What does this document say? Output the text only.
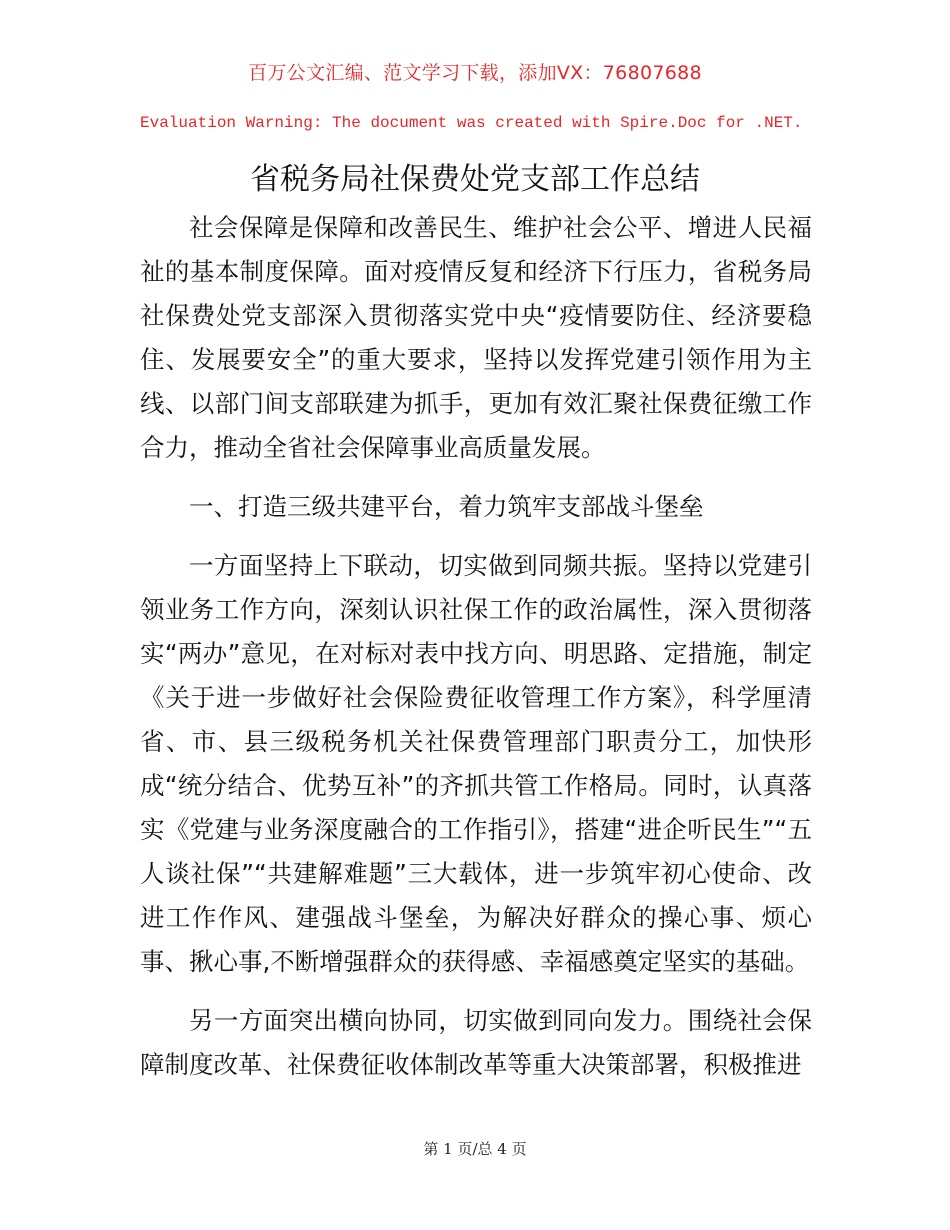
百万公文汇编、范文学习下载，添加VX：76807688
Evaluation Warning: The document was created with Spire.Doc for .NET.
省税务局社保费处党支部工作总结

社会保障是保障和改善民生、维护社会公平、增进人民福祉的基本制度保障。面对疫情反复和经济下行压力，省税务局社保费处党支部深入贯彻落实党中央“疫情要防住、经济要稳住、发展要安全”的重大要求，坚持以发挥党建引领作用为主线、以部门间支部联建为抓手，更加有效汇聚社保费征缴工作合力，推动全省社会保障事业高质量发展。

一、打造三级共建平台，着力筑牢支部战斗堡垒

一方面坚持上下联动，切实做到同频共振。坚持以党建引领业务工作方向，深刻认识社保工作的政治属性，深入贯彻落实“两办”意见，在对标对表中找方向、明思路、定措施，制定《关于进一步做好社会保险费征收管理工作方案》，科学厘清省、市、县三级税务机关社保费管理部门职责分工，加快形成“统分结合、优势互补”的齐抓共管工作格局。同时，认真落实《党建与业务深度融合的工作指引》，搭建“进企听民生”“五人谈社保”“共建解难题”三大载体，进一步筑牢初心使命、改进工作作风、建强战斗堡垒，为解决好群众的操心事、烦心事、揪心事,不断增强群众的获得感、幸福感奠定坚实的基础。

另一方面突出横向协同，切实做到同向发力。围绕社会保障制度改革、社保费征收体制改革等重大决策部署，积极推进

第 1 页/总 4 页
